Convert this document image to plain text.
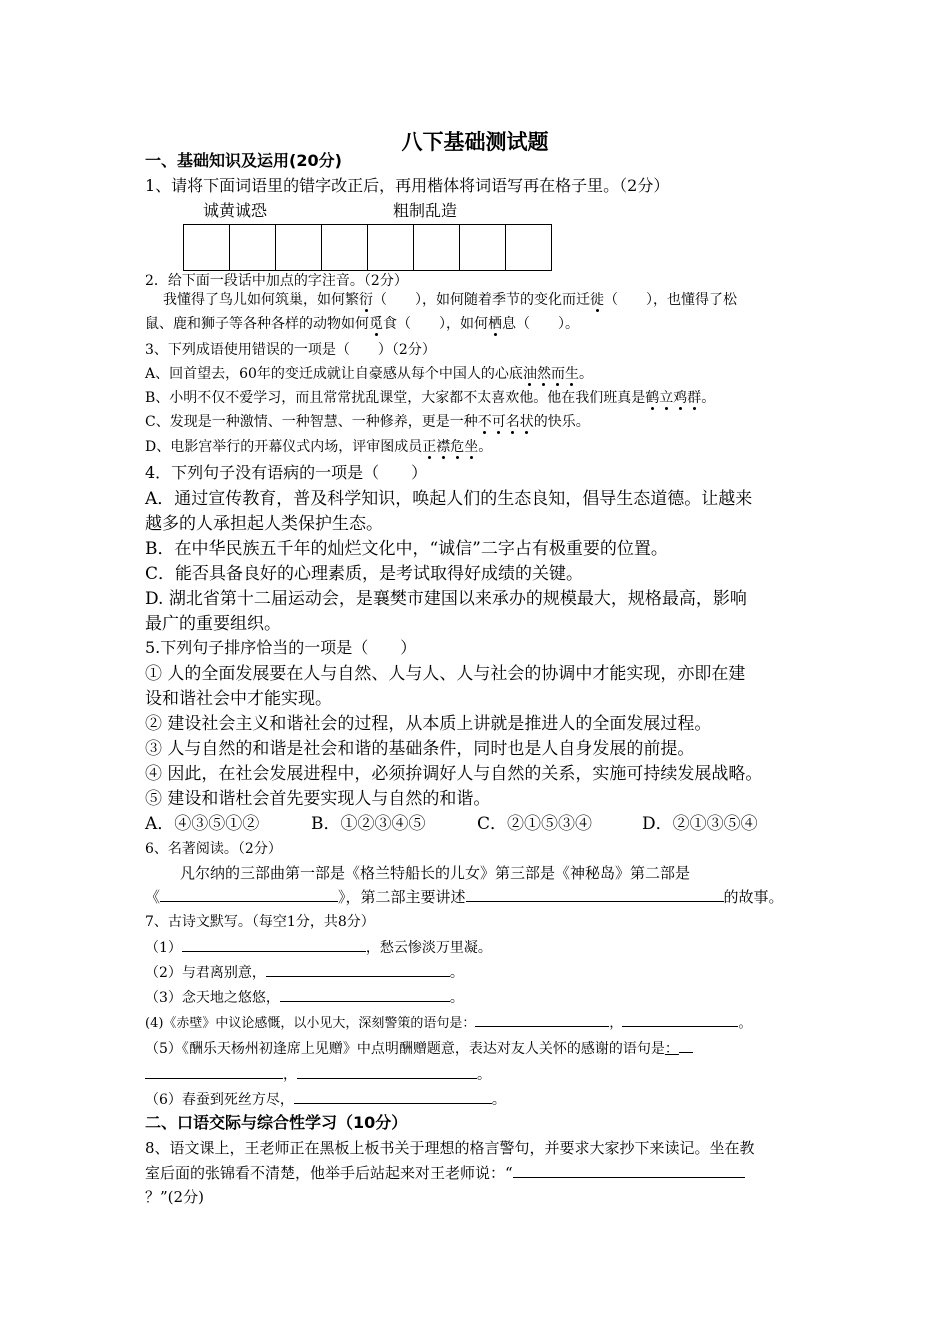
八下基础测试题
一、基础知识及运用(20分)
1、请将下面词语里的错字改正后，再用楷体将词语写再在格子里。（2分）
诚黄诚恐	粗制乱造
2．给下面一段话中加点的字注音。（2分）
我懂得了鸟儿如何筑巢，如何繁衍（　　），如何随着季节的变化而迁徙（　　），也懂得了松
鼠、鹿和狮子等各种各样的动物如何觅食（　　），如何栖息（　　）。
3、下列成语使用错误的一项是（　　）（2分）
A、回首望去，60年的变迁成就让自豪感从每个中国人的心底油然而生。
B、小明不仅不爱学习，而且常常扰乱课堂，大家都不太喜欢他。他在我们班真是鹤立鸡群。
C、发现是一种激情、一种智慧、一种修养，更是一种不可名状的快乐。
D、电影宫举行的开幕仪式内场，评审图成员正襟危坐。
4．下列句子没有语病的一项是（　　）
A．通过宣传教育，普及科学知识，唤起人们的生态良知，倡导生态道德。让越来
越多的人承担起人类保护生态。
B．在中华民族五千年的灿烂文化中，“诚信”二字占有极重要的位置。
C．能否具备良好的心理素质，是考试取得好成绩的关键。
D. 湖北省第十二届运动会，是襄樊市建国以来承办的规模最大，规格最高，影响
最广的重要组织。
5.下列句子排序恰当的一项是（　　）
① 人的全面发展要在人与自然、人与人、人与社会的协调中才能实现，亦即在建
设和谐社会中才能实现。
② 建设社会主义和谐社会的过程，从本质上讲就是推进人的全面发展过程。
③ 人与自然的和谐是社会和谐的基础条件，同时也是人自身发展的前提。
④ 因此，在社会发展进程中，必须拚调好人与自然的关系，实施可持续发展战略。
⑤ 建设和谐杜会首先要实现人与自然的和谐。
A．④③⑤①②	B．①②③④⑤	C．②①⑤③④	D．②①③⑤④
6、名著阅读。（2分）
凡尔纳的三部曲第一部是《格兰特船长的儿女》第三部是《神秘岛》第二部是
《	》，第二部主要讲述	的故事。
7、古诗文默写。（每空1分，共8分）
（1）	，愁云惨淡万里凝。
（2）与君离别意，	。
（3）念天地之悠悠，	。
(4)《赤壁》中议论感慨，以小见大，深刻警策的语句是：	，	。
（5）《酬乐天杨州初逢席上见赠》中点明酬赠题意，表达对友人关怀的感谢的语句是：
，	。
（6）春蚕到死丝方尽，	。
二、口语交际与综合性学习（10分）
8、语文课上，王老师正在黑板上板书关于理想的格言警句，并要求大家抄下来读记。坐在教
室后面的张锦看不清楚，他举手后站起来对王老师说：“
？”(2分)
